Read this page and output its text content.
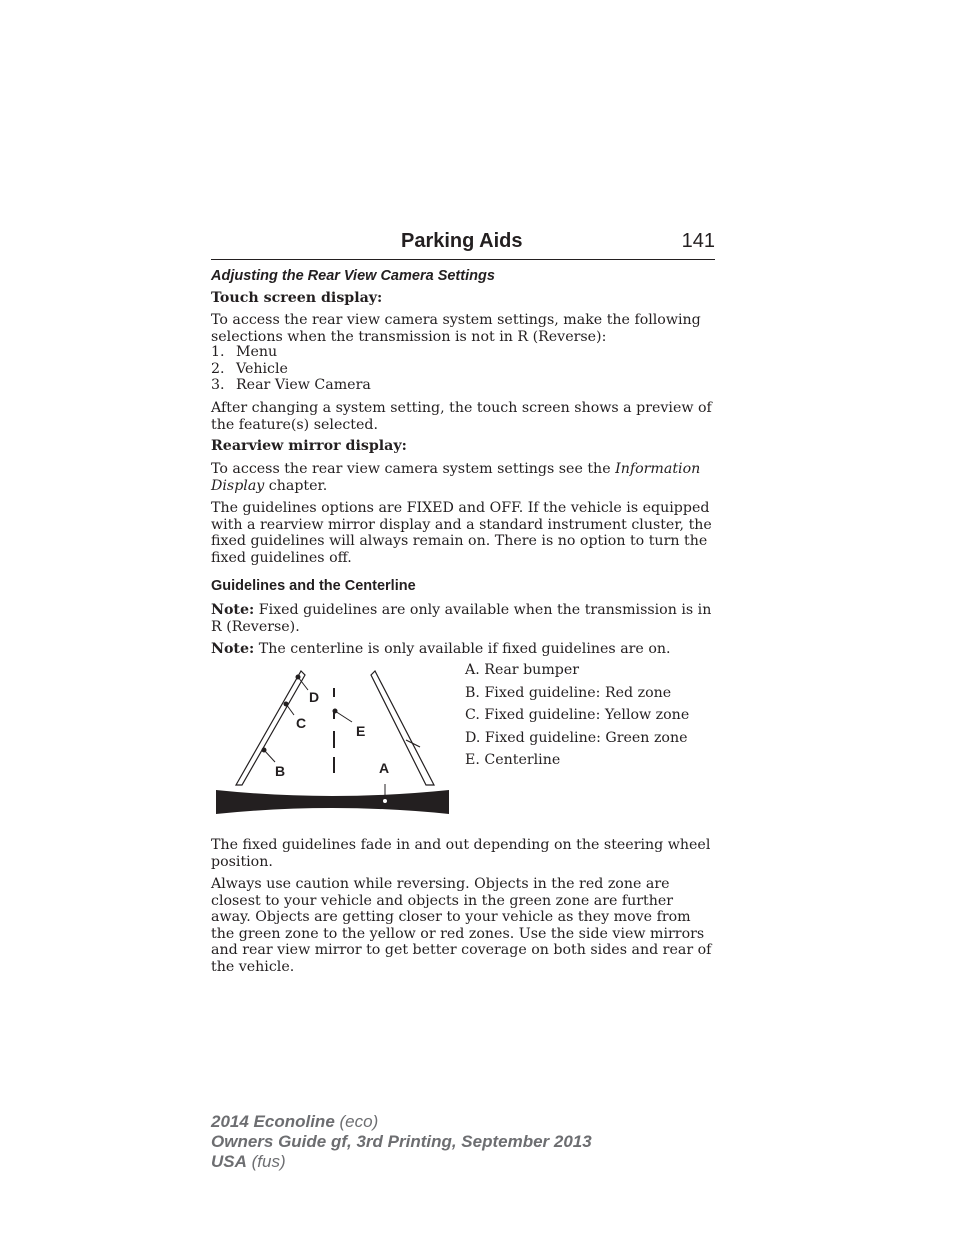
Parking Aids	141
Adjusting the Rear View Camera Settings
Touch screen display:

To access the rear view camera system settings, make the following selections when the transmission is not in R (Reverse):

1. Menu
2. Vehicle
3. Rear View Camera

After changing a system setting, the touch screen shows a preview of the feature(s) selected.

Rearview mirror display:

To access the rear view camera system settings see the Information Display chapter.

The guidelines options are FIXED and OFF. If the vehicle is equipped with a rearview mirror display and a standard instrument cluster, the fixed guidelines will always remain on. There is no option to turn the fixed guidelines off.

Guidelines and the Centerline

Note: Fixed guidelines are only available when the transmission is in R (Reverse).

Note: The centerline is only available if fixed guidelines are on.

D
C	E
B	A
A. Rear bumper
B. Fixed guideline: Red zone
C. Fixed guideline: Yellow zone
D. Fixed guideline: Green zone
E. Centerline

The fixed guidelines fade in and out depending on the steering wheel position.

Always use caution while reversing. Objects in the red zone are closest to your vehicle and objects in the green zone are further away. Objects are getting closer to your vehicle as they move from the green zone to the yellow or red zones. Use the side view mirrors and rear view mirror to get better coverage on both sides and rear of the vehicle.

2014 Econoline (eco)
Owners Guide gf, 3rd Printing, September 2013
USA (fus)
